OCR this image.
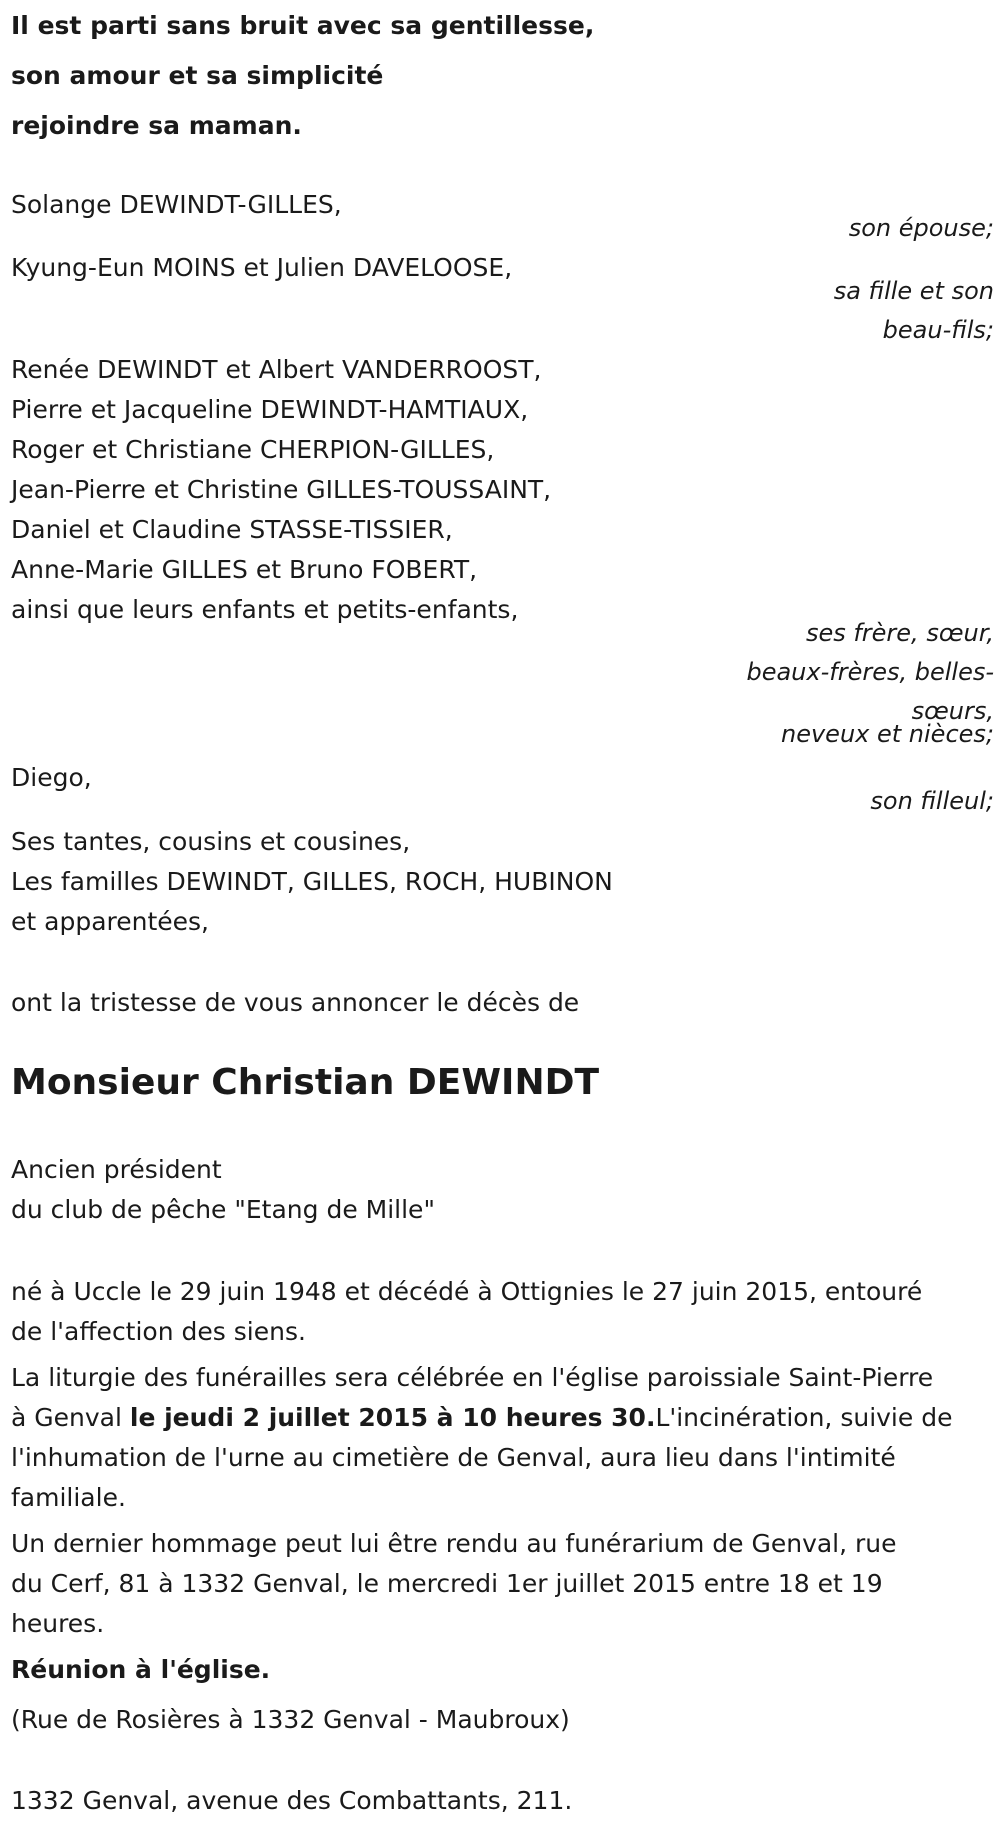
Il est parti sans bruit avec sa gentillesse,
son amour et sa simplicité
rejoindre sa maman.
Solange DEWINDT-GILLES,
son épouse;
Kyung-Eun MOINS et Julien DAVELOOSE,
sa fille et son
beau-fils;
Renée DEWINDT et Albert VANDERROOST,
Pierre et Jacqueline DEWINDT-HAMTIAUX,
Roger et Christiane CHERPION-GILLES,
Jean-Pierre et Christine GILLES-TOUSSAINT,
Daniel et Claudine STASSE-TISSIER,
Anne-Marie GILLES et Bruno FOBERT,
ainsi que leurs enfants et petits-enfants,
ses frère, sœur,
beaux-frères, belles-
sœurs,
neveux et nièces;
Diego,
son filleul;
Ses tantes, cousins et cousines,
Les familles DEWINDT, GILLES, ROCH, HUBINON
et apparentées,
ont la tristesse de vous annoncer le décès de
Monsieur Christian DEWINDT
Ancien président
du club de pêche "Etang de Mille"
né à Uccle le 29 juin 1948 et décédé à Ottignies le 27 juin 2015, entouré
de l'affection des siens.
La liturgie des funérailles sera célébrée en l'église paroissiale Saint-Pierre
à Genval le jeudi 2 juillet 2015 à 10 heures 30.L'incinération, suivie de
l'inhumation de l'urne au cimetière de Genval, aura lieu dans l'intimité
familiale.
Un dernier hommage peut lui être rendu au funérarium de Genval, rue
du Cerf, 81 à 1332 Genval, le mercredi 1er juillet 2015 entre 18 et 19
heures.
Réunion à l'église.
(Rue de Rosières à 1332 Genval - Maubroux)
1332 Genval, avenue des Combattants, 211.
